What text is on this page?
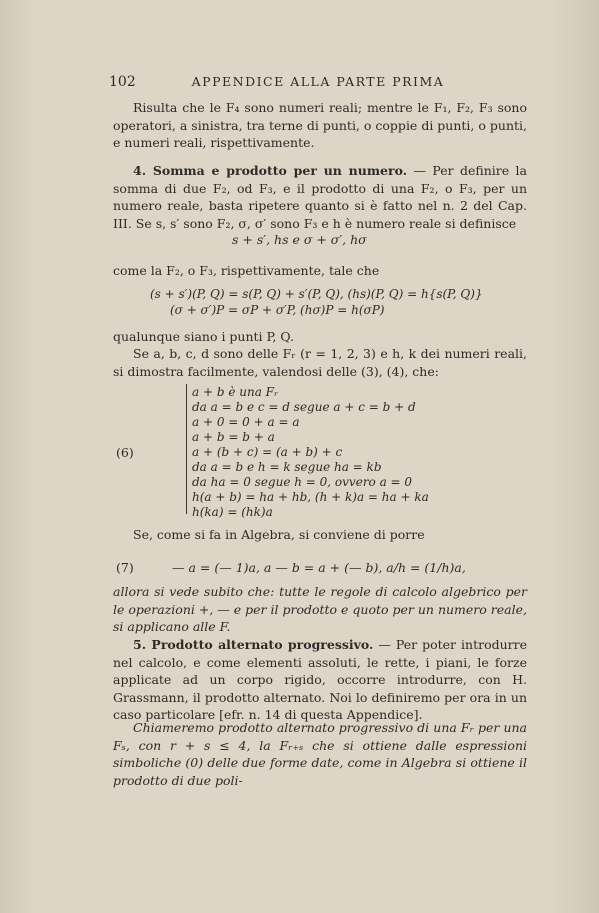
102	APPENDICE ALLA PARTE PRIMA
Risulta che le F₄ sono numeri reali; mentre le F₁, F₂, F₃ sono operatori, a sinistra, tra terne di punti, o coppie di punti, o punti, e numeri reali, rispettivamente.
4. Somma e prodotto per un numero. — Per definire la somma di due F₂, od F₃, e il prodotto di una F₂, o F₃, per un numero reale, basta ripetere quanto si è fatto nel n. 2 del Cap. III. Se s, s′ sono F₂, σ, σ′ sono F₃ e h è numero reale si definisce
s + s′, hs e σ + σ′, hσ
come la F₂, o F₃, rispettivamente, tale che
(s + s′)(P, Q) = s(P, Q) + s′(P, Q), (hs)(P, Q) = h{s(P, Q)}
(σ + σ′)P = σP + σ′P, (hσ)P = h(σP)
qualunque siano i punti P, Q.
Se a, b, c, d sono delle Fᵣ (r = 1, 2, 3) e h, k dei numeri reali, si dimostra facilmente, valendosi delle (3), (4), che:
(6)
a + b è una Fᵣ
da a = b e c = d segue a + c = b + d
a + 0 = 0 + a = a
a + b = b + a
a + (b + c) = (a + b) + c
da a = b e h = k segue ha = kb
da ha = 0 segue h = 0, ovvero a = 0
h(a + b) = ha + hb, (h + k)a = ha + ka
h(ka) = (hk)a
Se, come si fa in Algebra, si conviene di porre
(7)	— a = (— 1)a, a — b = a + (— b), a/h = (1/h)a,
allora si vede subito che: tutte le regole di calcolo algebrico per le operazioni +, — e per il prodotto e quoto per un numero reale, si applicano alle F.
5. Prodotto alternato progressivo. — Per poter introdurre nel calcolo, e come elementi assoluti, le rette, i piani, le forze applicate ad un corpo rigido, occorre introdurre, con H. Grassmann, il prodotto alternato. Noi lo definiremo per ora in un caso particolare [efr. n. 14 di questa Appendice].
Chiameremo prodotto alternato progressivo di una Fᵣ per una Fₛ, con r + s ≤ 4, la Fᵣ₊ₛ che si ottiene dalle espressioni simboliche (0) delle due forme date, come in Algebra si ottiene il prodotto di due poli-
